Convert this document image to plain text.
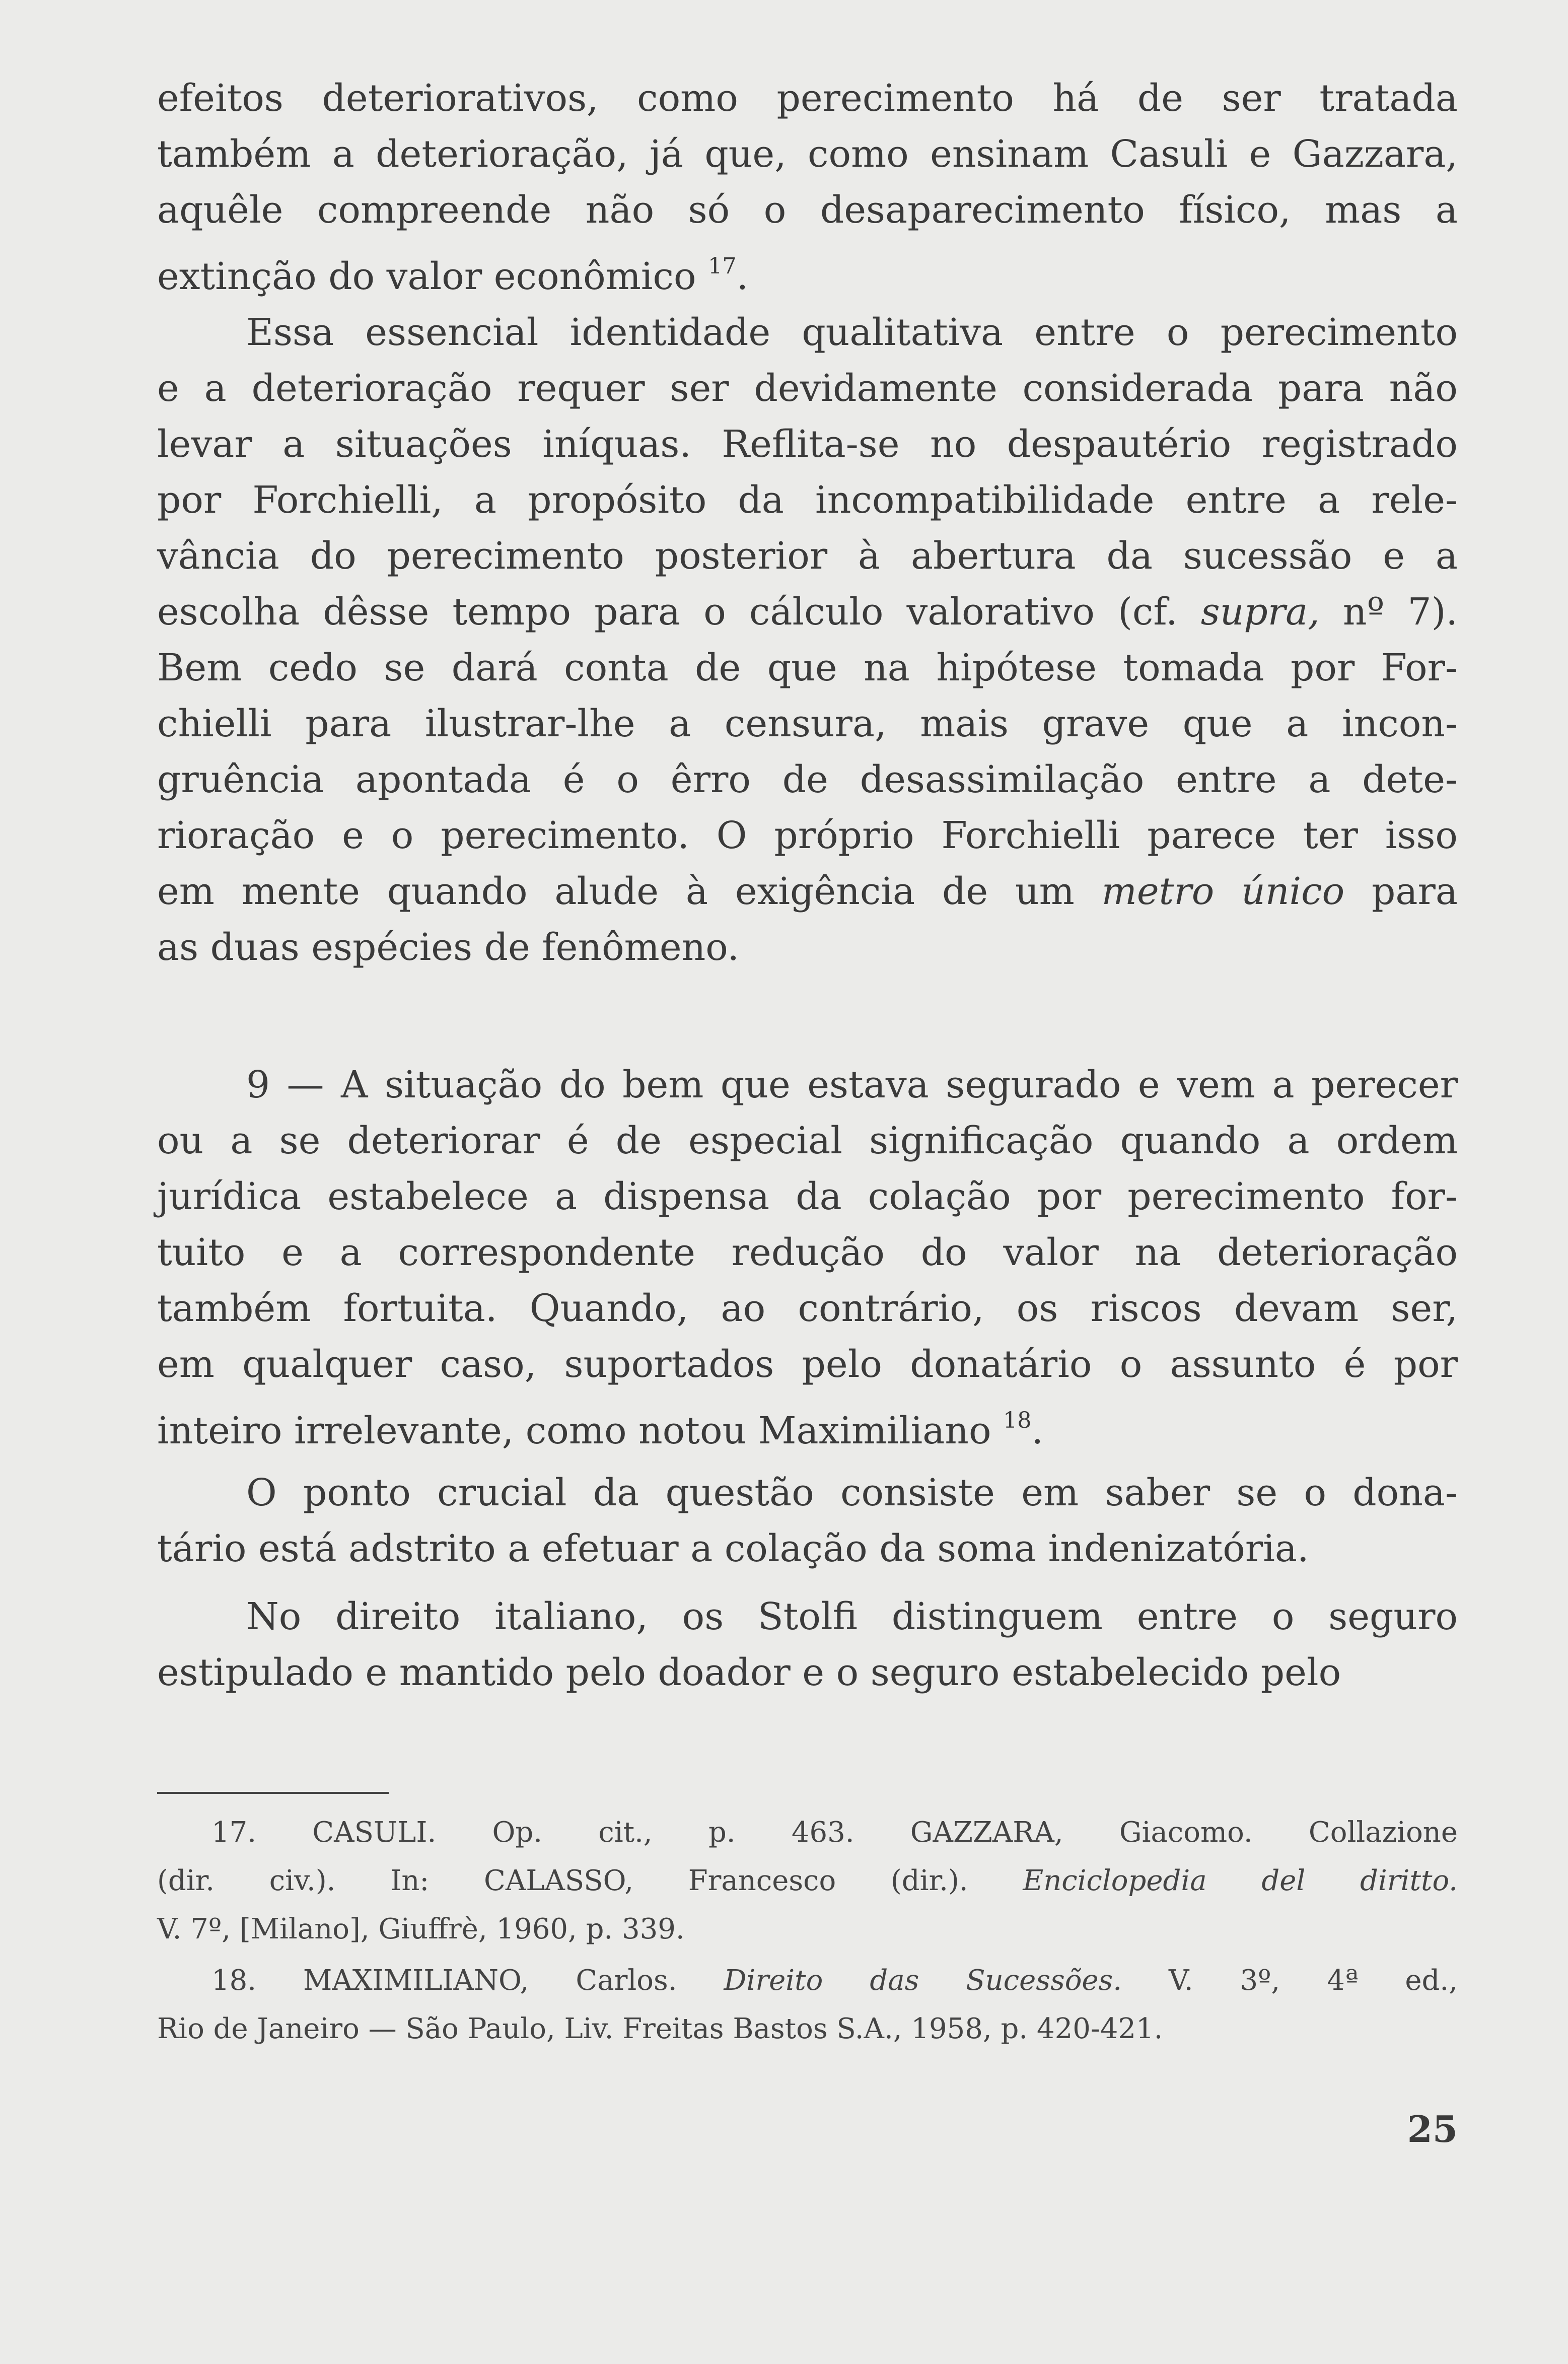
efeitos deteriorativos, como perecimento há de ser tratada
também a deterioração, já que, como ensinam Casuli e Gazzara,
aquêle compreende não só o desaparecimento físico, mas a
extinção do valor econômico $^{17}$.
Essa essencial identidade qualitativa entre o perecimento
e a deterioração requer ser devidamente considerada para não
levar a situações iníquas. Reflita-se no despautério registrado
por Forchielli, a propósito da incompatibilidade entre a rele-
vância do perecimento posterior à abertura da sucessão e a
escolha dêsse tempo para o cálculo valorativo (cf. supra, nº 7).
Bem cedo se dará conta de que na hipótese tomada por For-
chielli para ilustrar-lhe a censura, mais grave que a incon-
gruência apontada é o êrro de desassimilação entre a dete-
rioração e o perecimento. O próprio Forchielli parece ter isso
em mente quando alude à exigência de um metro único para
as duas espécies de fenômeno.
9 — A situação do bem que estava segurado e vem a perecer
ou a se deteriorar é de especial significação quando a ordem
jurídica estabelece a dispensa da colação por perecimento for-
tuito e a correspondente redução do valor na deterioração
também fortuita. Quando, ao contrário, os riscos devam ser,
em qualquer caso, suportados pelo donatário o assunto é por
inteiro irrelevante, como notou Maximiliano $^{18}$.
O ponto crucial da questão consiste em saber se o dona-
tário está adstrito a efetuar a colação da soma indenizatória.
No direito italiano, os Stolfi distinguem entre o seguro
estipulado e mantido pelo doador e o seguro estabelecido pelo
17. CASULI. Op. cit., p. 463. GAZZARA, Giacomo. Collazione
(dir. civ.). In: CALASSO, Francesco (dir.). Enciclopedia del diritto.
V. 7º, [Milano], Giuffrè, 1960, p. 339.
18. MAXIMILIANO, Carlos. Direito das Sucessões. V. 3º, 4ª ed.,
Rio de Janeiro — São Paulo, Liv. Freitas Bastos S.A., 1958, p. 420-421.
25
